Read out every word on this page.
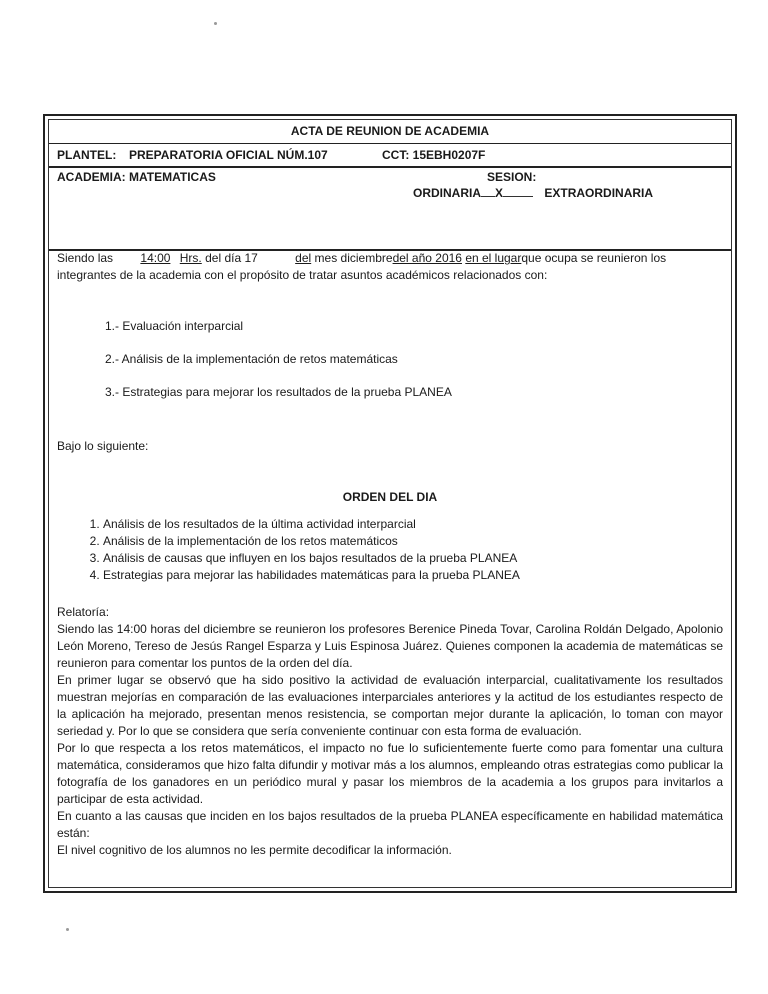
ACTA DE REUNION DE ACADEMIA
PLANTEL: PREPARATORIA OFICIAL NÚM.107	CCT: 15EBH0207F
ACADEMIA: MATEMATICAS	SESION:
ORDINARIA X	EXTRAORDINARIA
Siendo las 14:00 Hrs. del día 17	del mes diciembredel año 2016 en el lugarque ocupa se reunieron los
integrantes de la academia con el propósito de tratar asuntos académicos relacionados con:
1.- Evaluación interparcial
2.- Análisis de la implementación de retos matemáticas
3.- Estrategias para mejorar los resultados de la prueba PLANEA
Bajo lo siguiente:
ORDEN DEL DIA
1. Análisis de los resultados de la última actividad interparcial
2. Análisis de la implementación de los retos matemáticos
3. Análisis de causas que influyen en los bajos resultados de la prueba PLANEA
4. Estrategias para mejorar las habilidades matemáticas para la prueba PLANEA

Relatoría:

Siendo las 14:00 horas del diciembre se reunieron los profesores Berenice Pineda Tovar, Carolina Roldán Delgado, Apolonio León Moreno, Tereso de Jesús Rangel Esparza y Luis Espinosa Juárez. Quienes componen la academia de matemáticas se reunieron para comentar los puntos de la orden del día.

En primer lugar se observó que ha sido positivo la actividad de evaluación interparcial, cualitativamente los resultados muestran mejorías en comparación de las evaluaciones interparciales anteriores y la actitud de los estudiantes respecto de la aplicación ha mejorado, presentan menos resistencia, se comportan mejor durante la aplicación, lo toman con mayor seriedad y. Por lo que se considera que sería conveniente continuar con esta forma de evaluación.

Por lo que respecta a los retos matemáticos, el impacto no fue lo suficientemente fuerte como para fomentar una cultura matemática, consideramos que hizo falta difundir y motivar más a los alumnos, empleando otras estrategias como publicar la fotografía de los ganadores en un periódico mural y pasar los miembros de la academia a los grupos para invitarlos a participar de esta actividad.

En cuanto a las causas que inciden en los bajos resultados de la prueba PLANEA específicamente en habilidad matemática están:

El nivel cognitivo de los alumnos no les permite decodificar la información.
